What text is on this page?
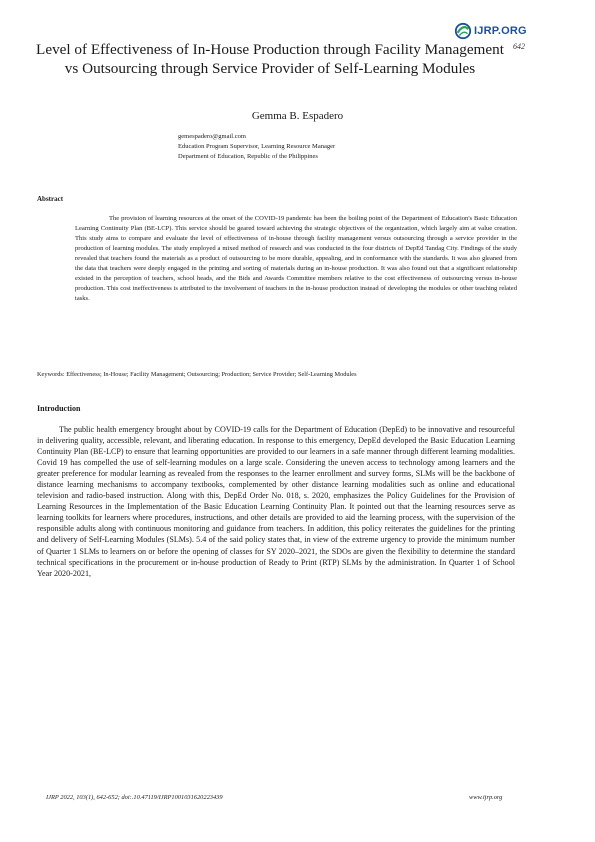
IJRP.ORG
642
Level of Effectiveness of In-House Production through Facility Management vs Outsourcing through Service Provider of Self-Learning Modules
Gemma B. Espadero
gemespadero@gmail.com
Education Program Supervisor, Learning Resource Manager
Department of Education, Republic of the Philippines
Abstract

The provision of learning resources at the onset of the COVID-19 pandemic has been the boiling point of the Department of Education's Basic Education Learning Continuity Plan (BE-LCP). This service should be geared toward achieving the strategic objectives of the organization, which largely aim at value creation. This study aims to compare and evaluate the level of effectiveness of in-house through facility management versus outsourcing through a service provider in the production of learning modules. The study employed a mixed method of research and was conducted in the four districts of DepEd Tandag City. Findings of the study revealed that teachers found the materials as a product of outsourcing to be more durable, appealing, and in conformance with the standards. It was also gleaned from the data that teachers were deeply engaged in the printing and sorting of materials during an in-house production. It was also found out that a significant relationship existed in the perception of teachers, school heads, and the Bids and Awards Committee members relative to the cost effectiveness of outsourcing versus in-house production. This cost ineffectiveness is attributed to the involvement of teachers in the in-house production instead of developing the modules or other teaching related tasks.

Keywords: Effectiveness; In-House; Facility Management; Outsourcing; Production; Service Provider; Self-Learning Modules
Introduction

The public health emergency brought about by COVID-19 calls for the Department of Education (DepEd) to be innovative and resourceful in delivering quality, accessible, relevant, and liberating education. In response to this emergency, DepEd developed the Basic Education Learning Continuity Plan (BE-LCP) to ensure that learning opportunities are provided to our learners in a safe manner through different learning modalities. Covid 19 has compelled the use of self-learning modules on a large scale. Considering the uneven access to technology among learners and the greater preference for modular learning as revealed from the responses to the learner enrollment and survey forms, SLMs will be the backbone of distance learning mechanisms to accompany textbooks, complemented by other distance learning modalities such as online and educational television and radio-based instruction. Along with this, DepEd Order No. 018, s. 2020, emphasizes the Policy Guidelines for the Provision of Learning Resources in the Implementation of the Basic Education Learning Continuity Plan. It pointed out that the learning resources serve as learning toolkits for learners where procedures, instructions, and other details are provided to aid the learning process, with the supervision of the responsible adults along with continuous monitoring and guidance from teachers. In addition, this policy reiterates the guidelines for the printing and delivery of Self-Learning Modules (SLMs). 5.4 of the said policy states that, in view of the extreme urgency to provide the minimum number of Quarter 1 SLMs to learners on or before the opening of classes for SY 2020–2021, the SDOs are given the flexibility to determine the standard technical specifications in the procurement or in-house production of Ready to Print (RTP) SLMs by the administration. In Quarter 1 of School Year 2020-2021,

IJRP 2022, 103(1), 642-652; doi:.10.47119/IJRP1001031620223439	www.ijrp.org
